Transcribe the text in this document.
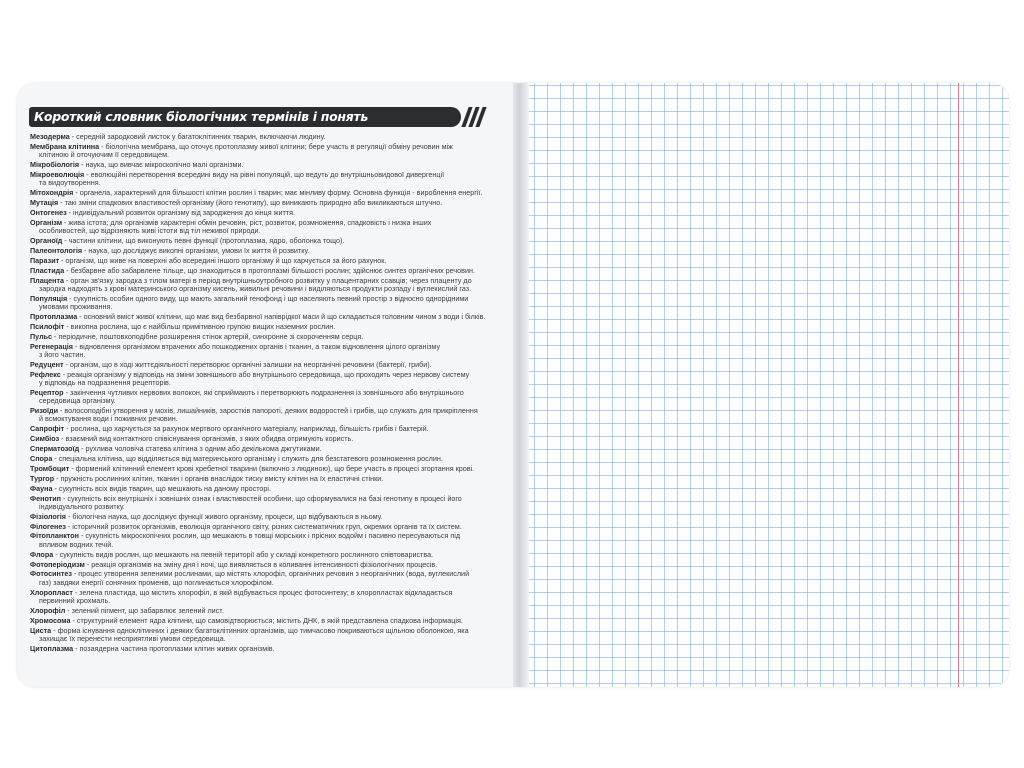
Короткий словник біологічних термінів і понять
Мезодерма - середнiй зародковий листок у багатоклітинних тварин, включаючи людину.
Мембрана клітинна - біологічна мембрана, що оточує протоплазму живої клітини; бере участь в регуляції обміну речовин між
клітиною й оточуючим її середовищем.
Мікробіологія - наука, що вивчає мікроскопічно малі організми.
Мікроеволюція - еволюційні перетворення всередині виду на рівні популяцій, що ведуть до внутрішньовидової дивергенції
та видоутворення.
Мітохондрія - органела, характерний для більшості клітин рослин і тварин; має мінливу форму. Основна функція - вироблення енергії.
Мутація - такі зміни спадкових властивостей організму (його генотипу), що виникають природно або викликаються штучно.
Онтогенез - індивідуальний розвиток організму від зародження до кінця життя.
Організм - жива істота; для організмів характерні обмін речовин, ріст, розвиток, розмноження, спадковість і низка інших
особливостей, що відрізняють живі істоти від тіл неживої природи.
Органоїд - частини клітини, що виконують певні функції (протоплазма, ядро, оболонка тощо).
Палеонтологія - наука, що досліджує викопні організми, умови їх життя й розвитку.
Паразит - організм, що живе на поверхні або всередині іншого організму й що харчується за його рахунок.
Пластида - безбарвне або забарвлене тільце, що знаходиться в протоплазмі більшості рослин; здійснює синтез органічних речовин.
Плацента - орган зв'язку зародка з тілом матері в період внутрішньоутробного розвитку у плацентарних ссавців; через плаценту до
зародка надходять з крові материнського організму кисень, живильні речовини і виділяються продукти розпаду і вуглекислий газ.
Популяція - сукупність особин одного виду, що мають загальний генофонд і що населяють певний простір з відносно однорідними
умовами проживання.
Протоплазма - основний вміст живої клітини, що має вид безбарвної напіврідкої маси й що складається головним чином з води і білків.
Псилофіт - викопна рослина, що є найбільш примітивною групою вищих наземних рослин.
Пульс - періодичне, поштовхоподібне розширення стінок артерій, синхронне зі скороченням серця.
Регенерація - відновлення організмом втрачених або пошкоджених органів і тканин, а також відновлення цілого організму
з його частин.
Редуцент - організм, що в ході життєдіяльності перетворює органічні залишки на неорганічні речовини (бактерії, гриби).
Рефлекс - реакція організму у відповідь на зміни зовнішнього або внутрішнього середовища, що проходить через нервову систему
у відповідь на подразнення рецепторів.
Рецептор - закінчення чутливих нервових волокон, які сприймають і перетворюють подразнення із зовнішнього або внутрішнього
середовища організму.
Ризоїди - волосоподібні утворення у мохів, лишайників, заростків папороті, деяких водоростей і грибів, що служать для прикріплення
й всмоктування води і поживних речовин.
Сапрофіт - рослина, що харчується за рахунок мертвого органічного матеріалу, наприклад, більшість грибів і бактерій.
Симбіоз - взаємний вид контактного співіснування організмів, з яких обидва отримують користь.
Сперматозоїд - рухлива чоловіча статева клітина з одним або декількома джгутиками.
Спора - спеціальна клітина, що відділяється від материнського організму і служить для безстатевого розмноження рослин.
Тромбоцит - формений клітинний елемент крові хребетної тварини (включно з людиною), що бере участь в процесі згортання крові.
Тургор - пружність рослинних клітин, тканин і органів внаслідок тиску вмісту клітин на їх еластичні стінки.
Фауна - сукупність всіх видів тварин, що мешкають на даному просторі.
Фенотип - сукупність всіх внутрішніх і зовнішніх ознак і властивостей особини, що сформувалися на базі генотипу в процесі його
індивідуального розвитку.
Фізіологія - біологічна наука, що досліджує функції живого організму, процеси, що відбуваються в ньому.
Філогенез - історичний розвиток організмів, еволюція органічного світу, різних систематичних груп, окремих органів та їх систем.
Фітопланктон - сукупність мікроскопічних рослин, що мешкають в товщі морських і прісних водойм і пасивно пересуваються під
впливом водних течій.
Флора - сукупність видів рослин, що мешкають на певній території або у складі конкретного рослинного співтовариства.
Фотоперіодизм - реакція організмів на зміну дня і ночі, що виявляється в коливанні інтенсивності фізіологічних процесів.
Фотосинтез - процес утворення зеленими рослинами, що містять хлорофіл, органічних речовин з неорганічних (вода, вуглекислий
газ) завдяки енергії сонячних променів, що поглинається хлорофілом.
Хлоропласт - зелена пластида, що містить хлорофіл, в якій відбувається процес фотосинтезу; в хлоропластах відкладається
первинний крохмаль.
Хлорофіл - зелений пігмент, що забарвлює зелений лист.
Хромосома - структурний елемент ядра клітини, що самовідтворюється; містить ДНК, в якій представлена спадкова інформація.
Циста - форма існування одноклітинних і деяких багатоклітинних організмів, що тимчасово покриваються щільною оболонкою, яка
захищає їх перенести несприятливі умови середовища.
Цитоплазма - позаядерна частина протоплазми клітин живих організмів.
